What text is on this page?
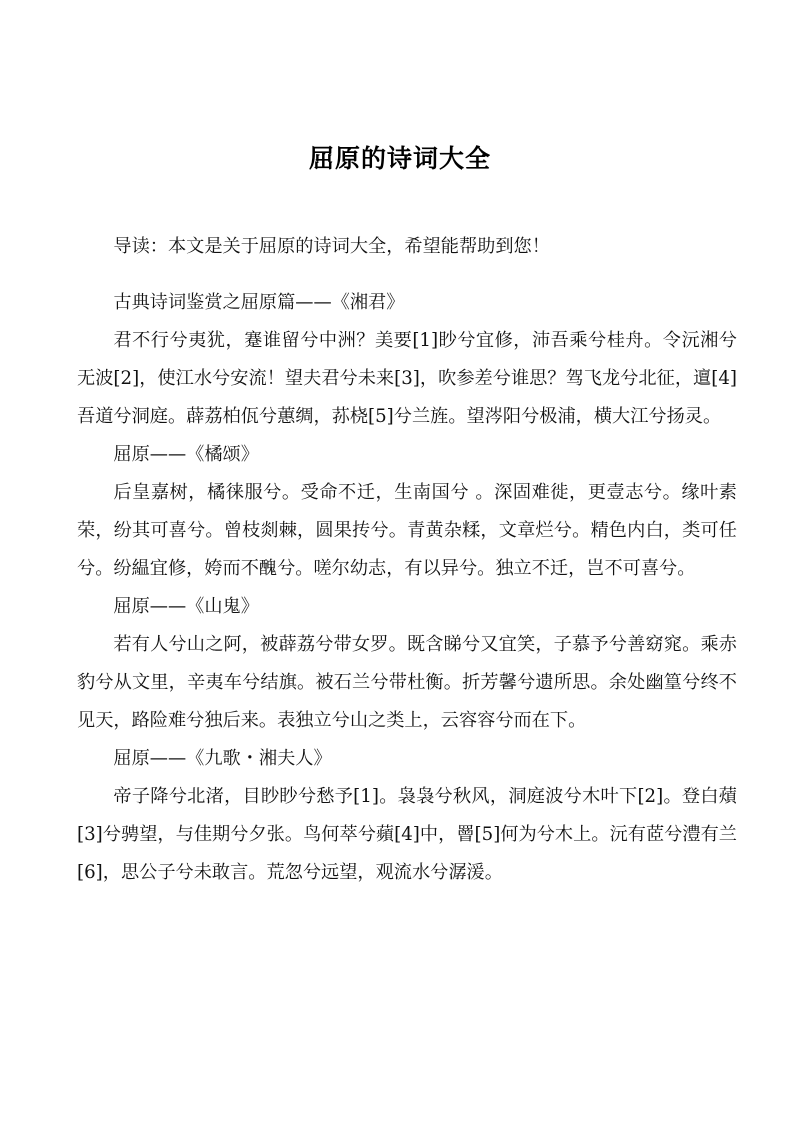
屈原的诗词大全

导读：本文是关于屈原的诗词大全，希望能帮助到您！

古典诗词鉴赏之屈原篇——《湘君》

君不行兮夷犹，蹇谁留兮中洲？美要[1]眇兮宜修，沛吾乘兮桂舟。令沅湘兮无波[2]，使江水兮安流！望夫君兮未来[3]，吹参差兮谁思？驾飞龙兮北征，邅[4]吾道兮洞庭。薜荔柏佤兮蕙绸，荪桡[5]兮兰旌。望涔阳兮极浦，横大江兮扬灵。

屈原——《橘颂》

后皇嘉树，橘徕服兮。受命不迁，生南国兮 。深固难徙，更壹志兮。缘叶素荣，纷其可喜兮。曾枝剡棘，圆果抟兮。青黄杂糅，文章烂兮。精色内白，类可任兮。纷緼宜修，姱而不醜兮。嗟尔幼志，有以异兮。独立不迁，岂不可喜兮。

屈原——《山鬼》

若有人兮山之阿，被薜荔兮带女罗。既含睇兮又宜笑，子慕予兮善窈窕。乘赤豹兮从文里，辛夷车兮结旗。被石兰兮带杜衡。折芳馨兮遗所思。余处幽篁兮终不见天，路险难兮独后来。表独立兮山之类上，云容容兮而在下。

屈原——《九歌・湘夫人》

帝子降兮北渚，目眇眇兮愁予[1]。袅袅兮秋风，洞庭波兮木叶下[2]。登白薠[3]兮骋望，与佳期兮夕张。鸟何萃兮蘋[4]中，罾[5]何为兮木上。沅有茝兮澧有兰[6]，思公子兮未敢言。荒忽兮远望，观流水兮潺湲。
